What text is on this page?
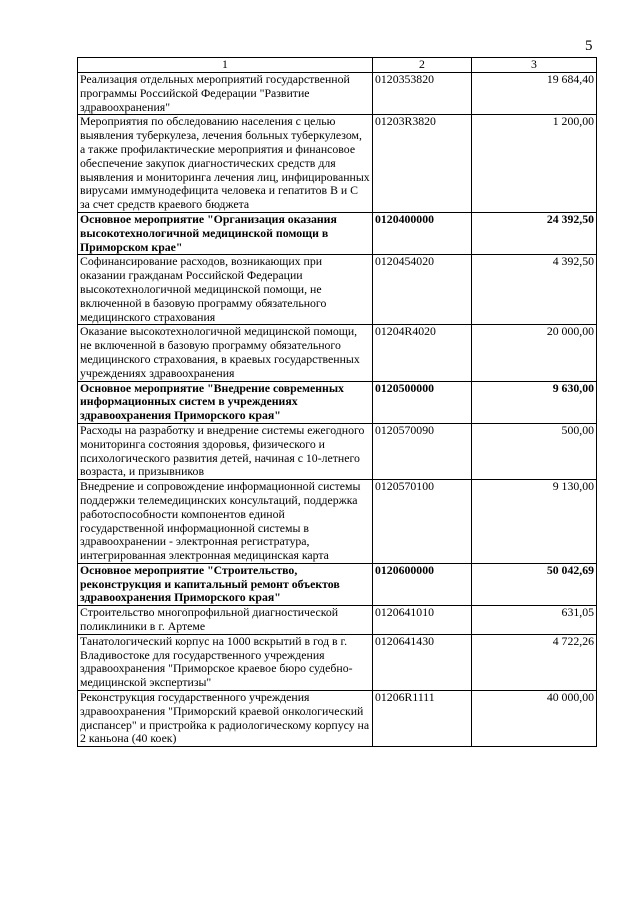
5
1	2	3
Реализация отдельных мероприятий государственной программы Российской Федерации "Развитие здравоохранения"	0120353820	19 684,40
Мероприятия по обследованию населения с целью выявления туберкулеза, лечения больных туберкулезом, а также профилактические мероприятия и финансовое обеспечение закупок диагностических средств для выявления и мониторинга лечения лиц, инфицированных вирусами иммунодефицита человека и гепатитов В и С за счет средств краевого бюджета	01203R3820	1 200,00
Основное мероприятие "Организация оказания высокотехнологичной медицинской помощи в Приморском крае"	0120400000	24 392,50
Софинансирование расходов, возникающих при оказании гражданам Российской Федерации высокотехнологичной медицинской помощи, не включенной в базовую программу обязательного медицинского страхования	0120454020	4 392,50
Оказание высокотехнологичной медицинской помощи, не включенной в базовую программу обязательного медицинского страхования, в краевых государственных учреждениях здравоохранения	01204R4020	20 000,00
Основное мероприятие "Внедрение современных информационных систем в учреждениях здравоохранения Приморского края"	0120500000	9 630,00
Расходы на разработку и внедрение системы ежегодного мониторинга состояния здоровья, физического и психологического развития детей, начиная с 10-летнего возраста, и призывников	0120570090	500,00
Внедрение и сопровождение информационной системы поддержки телемедицинских консультаций, поддержка работоспособности компонентов единой государственной информационной системы в здравоохранении - электронная регистратура, интегрированная электронная медицинская карта	0120570100	9 130,00
Основное мероприятие "Строительство, реконструкция и капитальный ремонт объектов здравоохранения Приморского края"	0120600000	50 042,69
Строительство многопрофильной диагностической поликлиники в г. Артеме	0120641010	631,05
Танатологический корпус на 1000 вскрытий в год в г. Владивостоке для государственного учреждения здравоохранения "Приморское краевое бюро судебно-медицинской экспертизы"	0120641430	4 722,26
Реконструкция государственного учреждения здравоохранения "Приморский краевой онкологический диспансер" и пристройка к радиологическому корпусу на 2 каньона (40 коек)	01206R1111	40 000,00
